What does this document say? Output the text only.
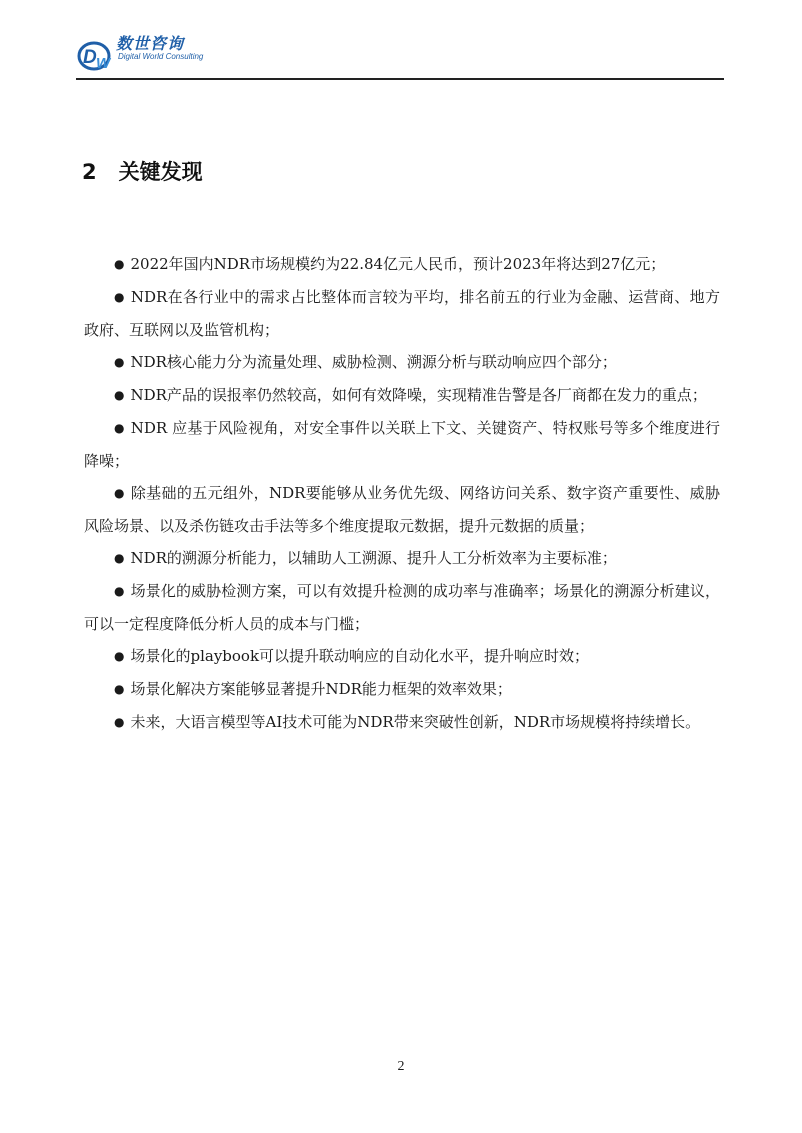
D W
数世咨询
Digital World Consulting
2 关键发现

● 2022年国内NDR市场规模约为22.84亿元人民币，预计2023年将达到27亿元；

● NDR在各行业中的需求占比整体而言较为平均，排名前五的行业为金融、运营商、地方政府、互联网以及监管机构；

● NDR核心能力分为流量处理、威胁检测、溯源分析与联动响应四个部分；

● NDR产品的误报率仍然较高，如何有效降噪，实现精准告警是各厂商都在发力的重点；

● NDR 应基于风险视角，对安全事件以关联上下文、关键资产、特权账号等多个维度进行降噪；

● 除基础的五元组外，NDR要能够从业务优先级、网络访问关系、数字资产重要性、威胁风险场景、以及杀伤链攻击手法等多个维度提取元数据，提升元数据的质量；

● NDR的溯源分析能力，以辅助人工溯源、提升人工分析效率为主要标准；

● 场景化的威胁检测方案，可以有效提升检测的成功率与准确率；场景化的溯源分析建议，可以一定程度降低分析人员的成本与门槛；

● 场景化的playbook可以提升联动响应的自动化水平，提升响应时效；

● 场景化解决方案能够显著提升NDR能力框架的效率效果；

● 未来，大语言模型等AI技术可能为NDR带来突破性创新，NDR市场规模将持续增长。

2
